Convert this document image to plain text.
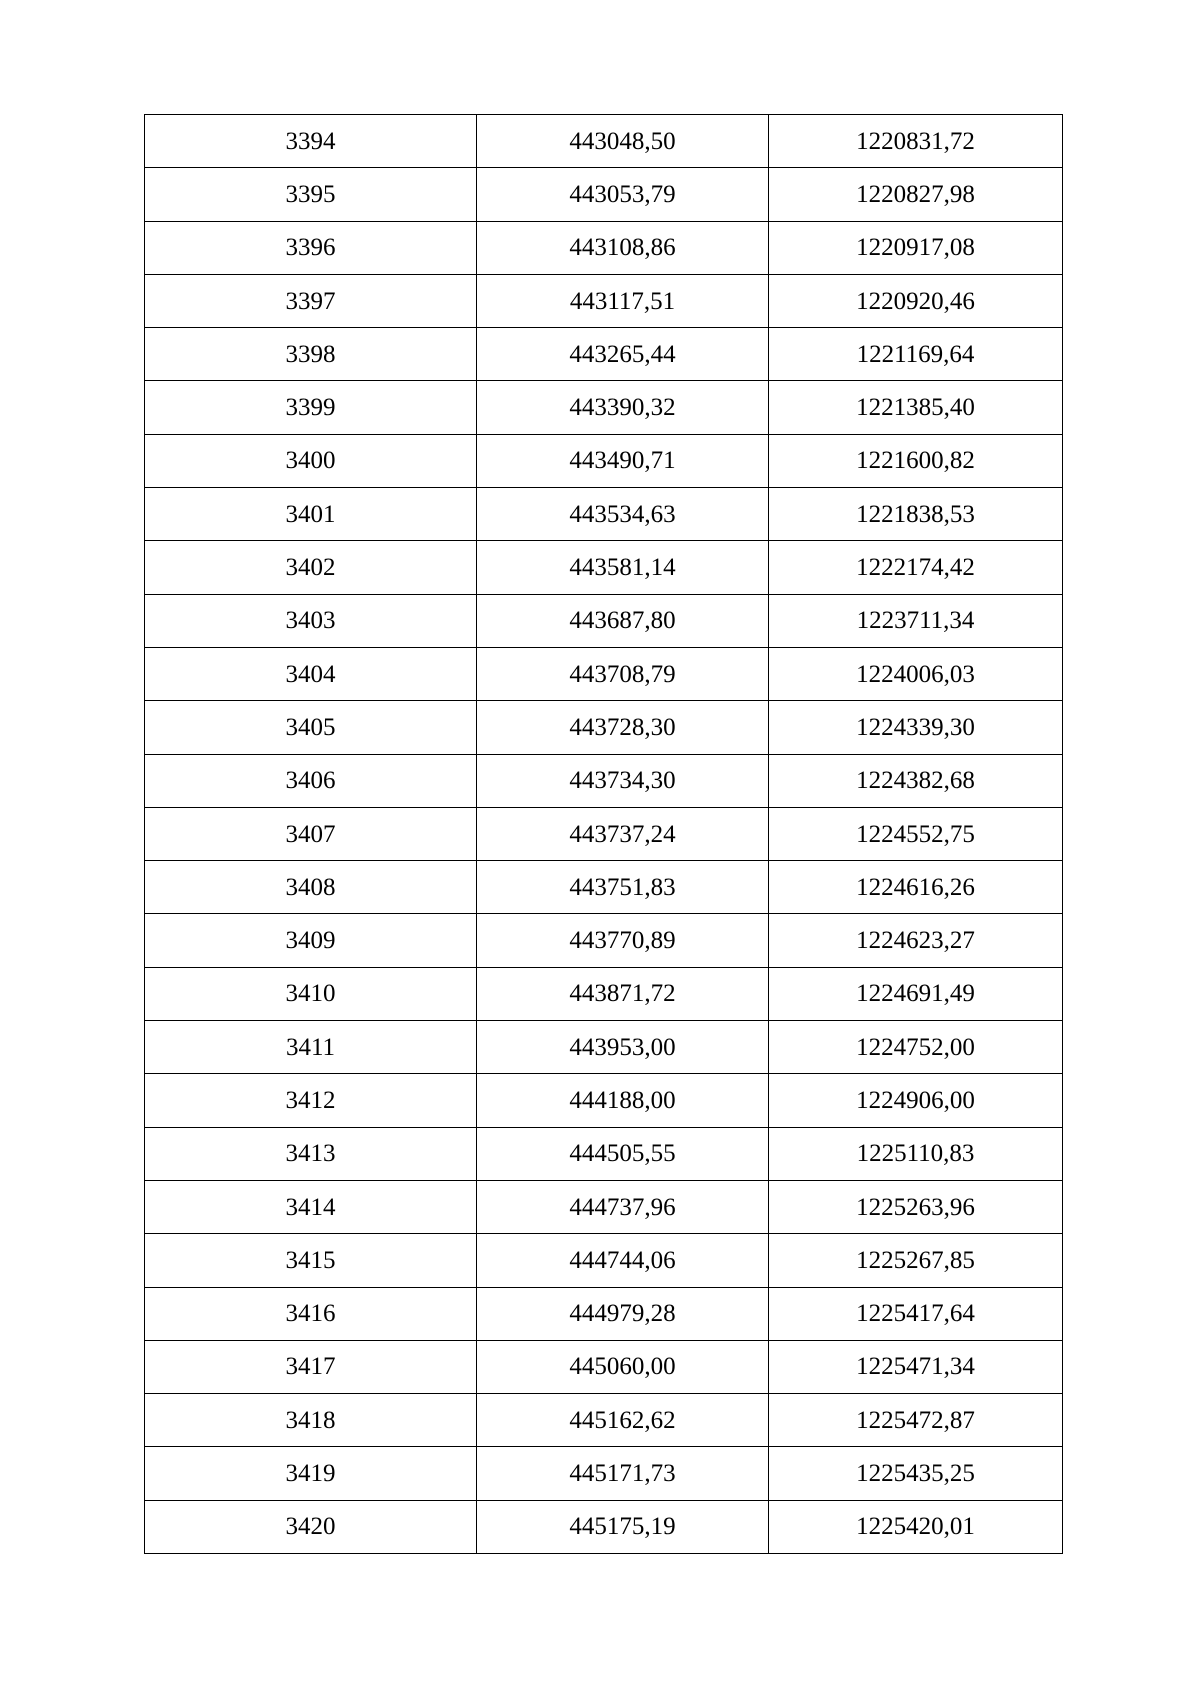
3394	443048,50	1220831,72
3395	443053,79	1220827,98
3396	443108,86	1220917,08
3397	443117,51	1220920,46
3398	443265,44	1221169,64
3399	443390,32	1221385,40
3400	443490,71	1221600,82
3401	443534,63	1221838,53
3402	443581,14	1222174,42
3403	443687,80	1223711,34
3404	443708,79	1224006,03
3405	443728,30	1224339,30
3406	443734,30	1224382,68
3407	443737,24	1224552,75
3408	443751,83	1224616,26
3409	443770,89	1224623,27
3410	443871,72	1224691,49
3411	443953,00	1224752,00
3412	444188,00	1224906,00
3413	444505,55	1225110,83
3414	444737,96	1225263,96
3415	444744,06	1225267,85
3416	444979,28	1225417,64
3417	445060,00	1225471,34
3418	445162,62	1225472,87
3419	445171,73	1225435,25
3420	445175,19	1225420,01
